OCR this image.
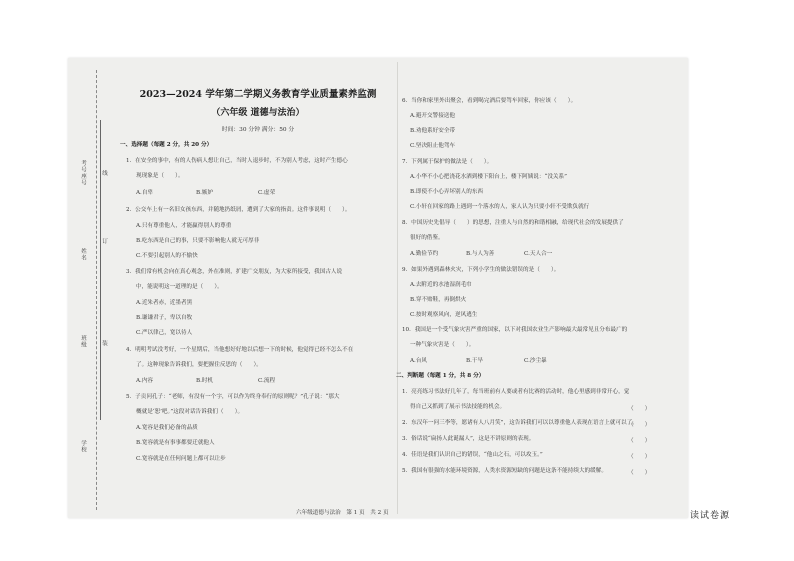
考号座号
姓名
班级
学校
线
订
装
2023—2024 学年第二学期义务教育学业质量素养监测
（六年级 道德与法治）
时间：30 分钟 满分：50 分
一、选择题（每题 2 分，共 20 分）
1．在安全的事中，有的人伤病人想让自己，当时人退步时，不为别人考虑，这时产生德心
现现象是（　　）。
A.自卑	B.嫉妒	C.虚荣
2．公交车上有一名旧女孩东西，并随地扔纸屑，遭到了大家的指责。这件事说明（　　）。
A.只有尊重他人，才能赢得别人的尊重
B.吃东西是自己的事，只要不影响他人就无可厚非
C.不要引起别人的不愉快
3．我们常有机会向在真心观念，外在准则，扩建广交朋友，为大家所接受，我国古人说
中，能说明这一道理的是（　　）。
A.近朱者赤，近墨者黑
B.谦谦君子，卑以自牧
C.严以律己，宽以待人
4．明明考试没考好，一个星期后，当他想好好地以后想一下的时候，他觉得已经不怎么不在
了。这种现象告诉我们，要把握住反思的（　　）。
A.内容	B.时机	C.流程
5．子贡问孔子：“老师，有没有一个字，可以作为终身奉行的原则呢？”孔子说：“那大
概就是‘恕’吧。”这段对话告诉我们（　　）。
A.宽容是我们必备的品质
B.宽容就是有事事都要迁就他人
C.宽容就是在任何问题上都可以让步
6．当你和家里外出聚会，看到喝完酒后要驾车回家，你应该（　　）。
A.避开交警接送他
B.劝他系好安全带
C.坚决阻止他驾车
7．下列属于保护的做法是（　　）。
A.小华不小心把浇花水洒到楼下阳台上，楼下阿姨说：“没关系”
B.即使不小心弄坏别人的东西
C.小轩在回家的路上遇到一个落水的人，家人认为只要小轩不受欺负就行
8．中国历史先倡导（　　）的思想，注重人与自然的和谐相融，给现代社会的发展提供了
很好的借鉴。
A.勤俭节约	B.与人为善	C.天人合一
9．如果外遇到森林火灾，下列小学生的做法错误的是（　　）。
A.去附近的水池湿润毛巾
B.穿不赔鞋，再倒烘火
C.按时观察风向，逆风逃生
10．我国是一个受气象灾害严重的国家，以下对我国农业生产影响最大最常见且分布最广的
一种气象灾害是（　　）。
A.台风	B.干旱	C.沙尘暴
二、判断题（每题 1 分，共 8 分）
1．亮亮练习书法好几年了，每当班前有人要或者有比赛的活动时，他心里感到非常开心，觉
得自己又抓到了展示书法技能的机会。	（　　）
2．东汉年一问三李等，愿诸有人八月笑”，这告诉我们可以以尊重他人表现在语言上就可以了。
（　　）
3．俗话说“扁扬人此诞漏人”，这是不讲原则的表现。	（　　）
4．佳语是我们认识自己的错误，“他山之石，可以攻玉。”	（　　）
5．我国有很强的水能环境资源，人类水资源短缺的问题是这条不能持续大的缓解。	（　　）
六年级道德与法治　第 1 页　共 2 页	读试卷源
